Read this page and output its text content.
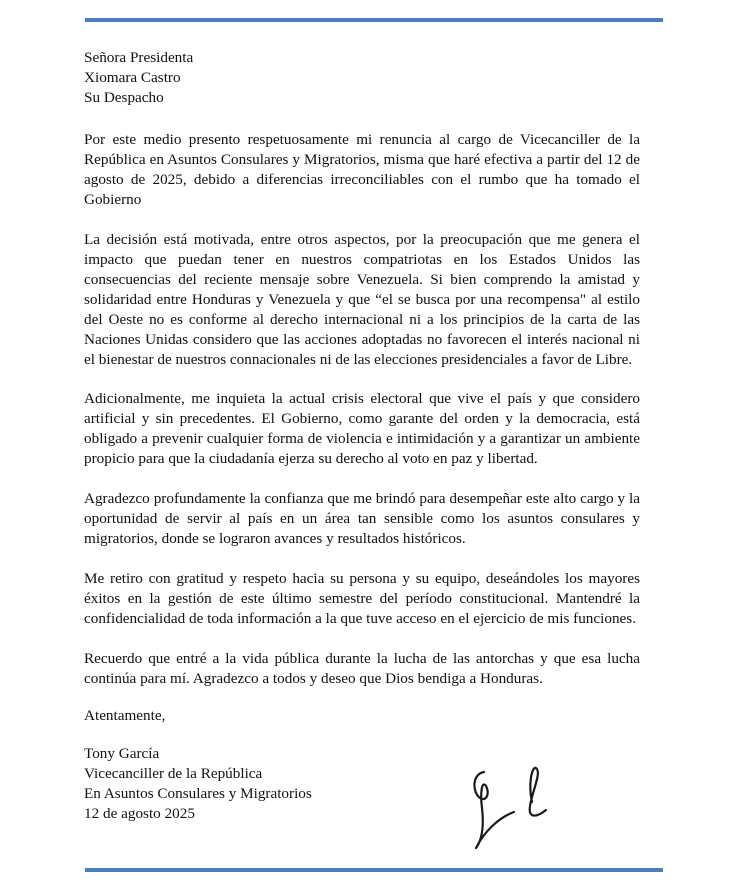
Señora Presidenta
Xiomara Castro
Su Despacho

Por este medio presento respetuosamente mi renuncia al cargo de Vicecanciller de la República en Asuntos Consulares y Migratorios, misma que haré efectiva a partir del 12 de agosto de 2025, debido a diferencias irreconciliables con el rumbo que ha tomado el Gobierno

La decisión está motivada, entre otros aspectos, por la preocupación que me genera el impacto que puedan tener en nuestros compatriotas en los Estados Unidos las consecuencias del reciente mensaje sobre Venezuela. Si bien comprendo la amistad y solidaridad entre Honduras y Venezuela y que “el se busca por una recompensa" al estilo del Oeste no es conforme al derecho internacional ni a los principios de la carta de las Naciones Unidas considero que las acciones adoptadas no favorecen el interés nacional ni el bienestar de nuestros connacionales ni de las elecciones presidenciales a favor de Libre.

Adicionalmente, me inquieta la actual crisis electoral que vive el país y que considero artificial y sin precedentes. El Gobierno, como garante del orden y la democracia, está obligado a prevenir cualquier forma de violencia e intimidación y a garantizar un ambiente propicio para que la ciudadanía ejerza su derecho al voto en paz y libertad.

Agradezco profundamente la confianza que me brindó para desempeñar este alto cargo y la oportunidad de servir al país en un área tan sensible como los asuntos consulares y migratorios, donde se lograron avances y resultados históricos.

Me retiro con gratitud y respeto hacia su persona y su equipo, deseándoles los mayores éxitos en la gestión de este último semestre del período constitucional. Mantendré la confidencialidad de toda información a la que tuve acceso en el ejercicio de mis funciones.

Recuerdo que entré a la vida pública durante la lucha de las antorchas y que esa lucha continúa para mí. Agradezco a todos y deseo que Dios bendiga a Honduras.

Atentamente,
Tony García
Vicecanciller de la República
En Asuntos Consulares y Migratorios
12 de agosto 2025
